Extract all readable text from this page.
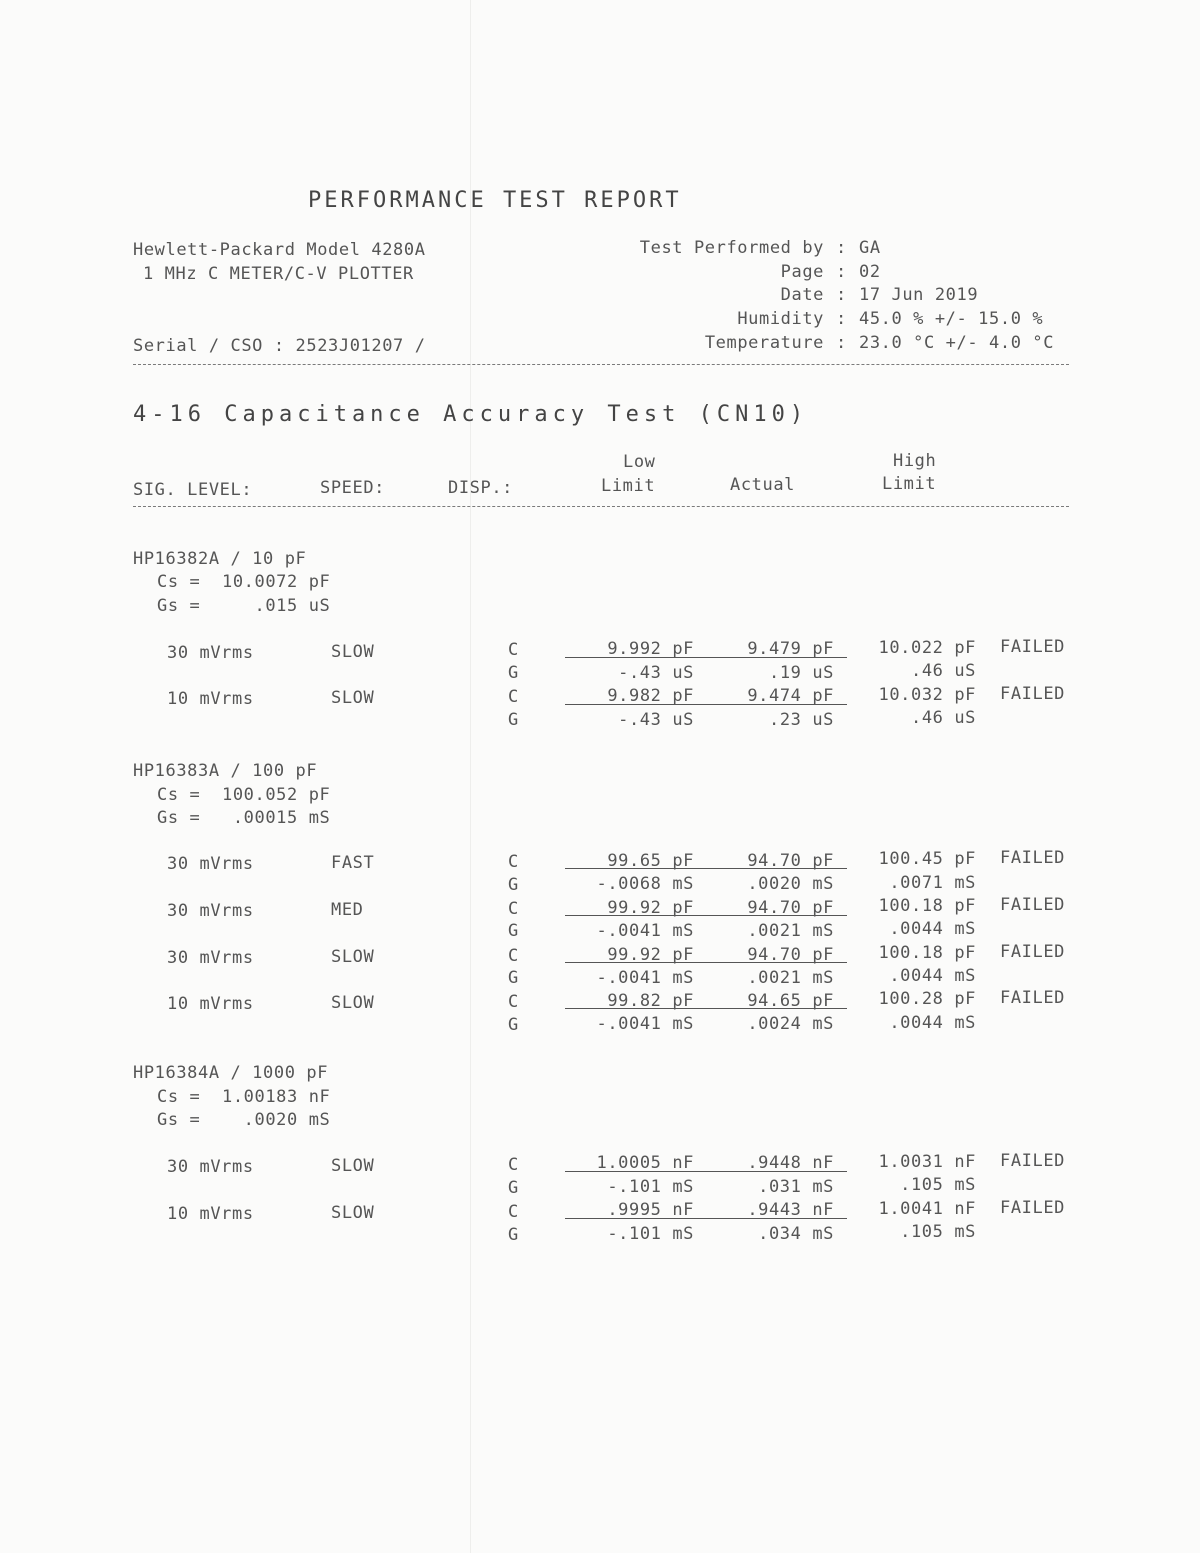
PERFORMANCE TEST REPORT
Hewlett-Packard Model 4280A
1 MHz C METER/C-V PLOTTER
Serial / CSO : 2523J01207 /
Test Performed by : GA
Page : 02
Date : 17 Jun 2019
Humidity : 45.0 % +/- 15.0 %
Temperature : 23.0 °C +/- 4.0 °C
4-16 Capacitance Accuracy Test (CN10)
SIG. LEVEL:	SPEED:	DISP.:
Low
Limit	Actual
High
Limit
HP16382A / 10 pF
Cs =  10.0072 pF
Gs =     .015 uS
30 mVrms	SLOW	C	9.992 pF	9.479 pF	10.022 pF FAILED
G	-.43 uS	.19 uS	.46 uS
10 mVrms	SLOW	C	9.982 pF	9.474 pF	10.032 pF FAILED
G	-.43 uS	.23 uS	.46 uS
HP16383A / 100 pF
Cs =  100.052 pF
Gs =   .00015 mS
30 mVrms	FAST	C	99.65 pF	94.70 pF	100.45 pF FAILED
G	-.0068 mS	.0020 mS	.0071 mS
30 mVrms	MED	C	99.92 pF	94.70 pF	100.18 pF FAILED
G	-.0041 mS	.0021 mS	.0044 mS
30 mVrms	SLOW	C	99.92 pF	94.70 pF	100.18 pF FAILED
G	-.0041 mS	.0021 mS	.0044 mS
10 mVrms	SLOW	C	99.82 pF	94.65 pF	100.28 pF FAILED
G	-.0041 mS	.0024 mS	.0044 mS
HP16384A / 1000 pF
Cs =  1.00183 nF
Gs =    .0020 mS
30 mVrms	SLOW	C	1.0005 nF	.9448 nF	1.0031 nF FAILED
G	-.101 mS	.031 mS	.105 mS
10 mVrms	SLOW	C	.9995 nF	.9443 nF	1.0041 nF FAILED
G	-.101 mS	.034 mS	.105 mS
